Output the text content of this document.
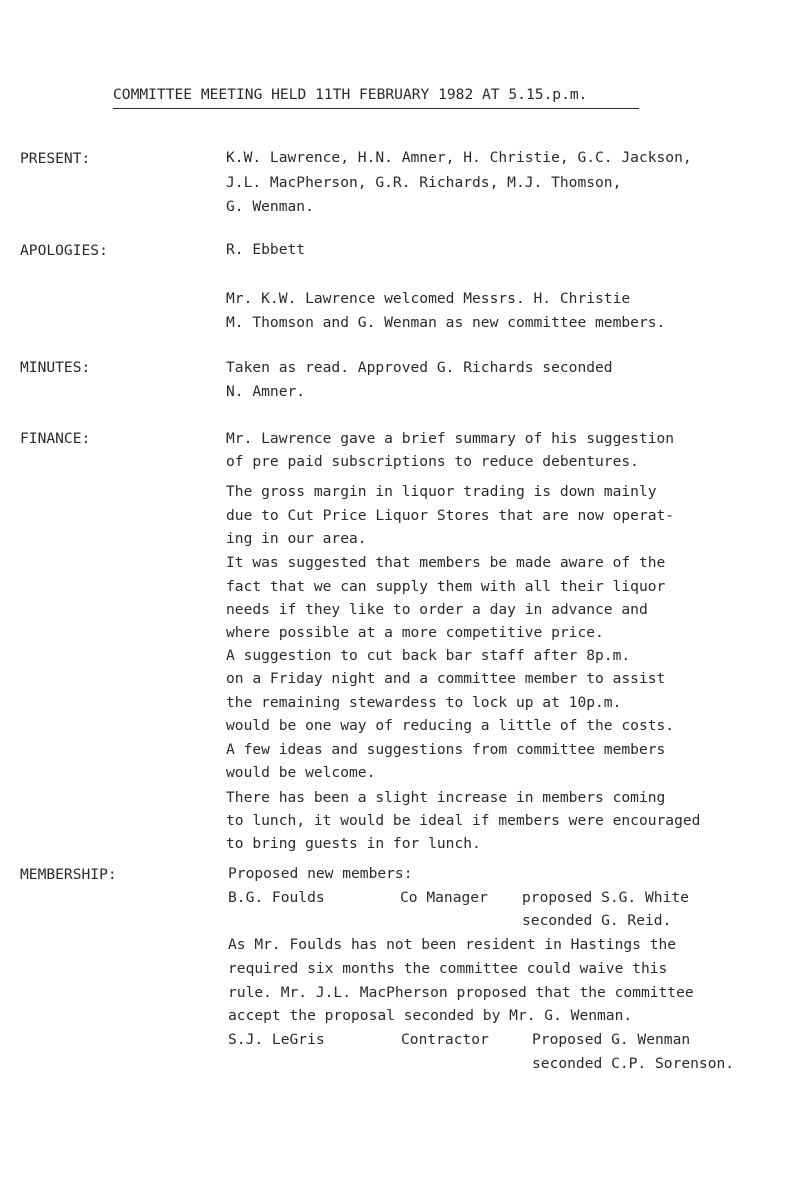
COMMITTEE MEETING HELD 11TH FEBRUARY 1982 AT 5.15.p.m.
PRESENT:	K.W. Lawrence, H.N. Amner, H. Christie, G.C. Jackson,
J.L. MacPherson, G.R. Richards, M.J. Thomson,
G. Wenman.
APOLOGIES:	R. Ebbett
Mr. K.W. Lawrence welcomed Messrs. H. Christie
M. Thomson and G. Wenman as new committee members.
MINUTES:	Taken as read. Approved G. Richards seconded
N. Amner.
FINANCE:	Mr. Lawrence gave a brief summary of his suggestion
of pre paid subscriptions to reduce debentures.
The gross margin in liquor trading is down mainly
due to Cut Price Liquor Stores that are now operat-
ing in our area.
It was suggested that members be made aware of the
fact that we can supply them with all their liquor
needs if they like to order a day in advance and
where possible at a more competitive price.
A suggestion to cut back bar staff after 8p.m.
on a Friday night and a committee member to assist
the remaining stewardess to lock up at 10p.m.
would be one way of reducing a little of the costs.
A few ideas and suggestions from committee members
would be welcome.
There has been a slight increase in members coming
to lunch, it would be ideal if members were encouraged
to bring guests in for lunch.
MEMBERSHIP:	Proposed new members:
B.G. Foulds	Co Manager proposed S.G. White
seconded G. Reid.
As Mr. Foulds has not been resident in Hastings the
required six months the committee could waive this
rule. Mr. J.L. MacPherson proposed that the committee
accept the proposal seconded by Mr. G. Wenman.
S.J. LeGris	Contractor	Proposed G. Wenman
seconded C.P. Sorenson.
